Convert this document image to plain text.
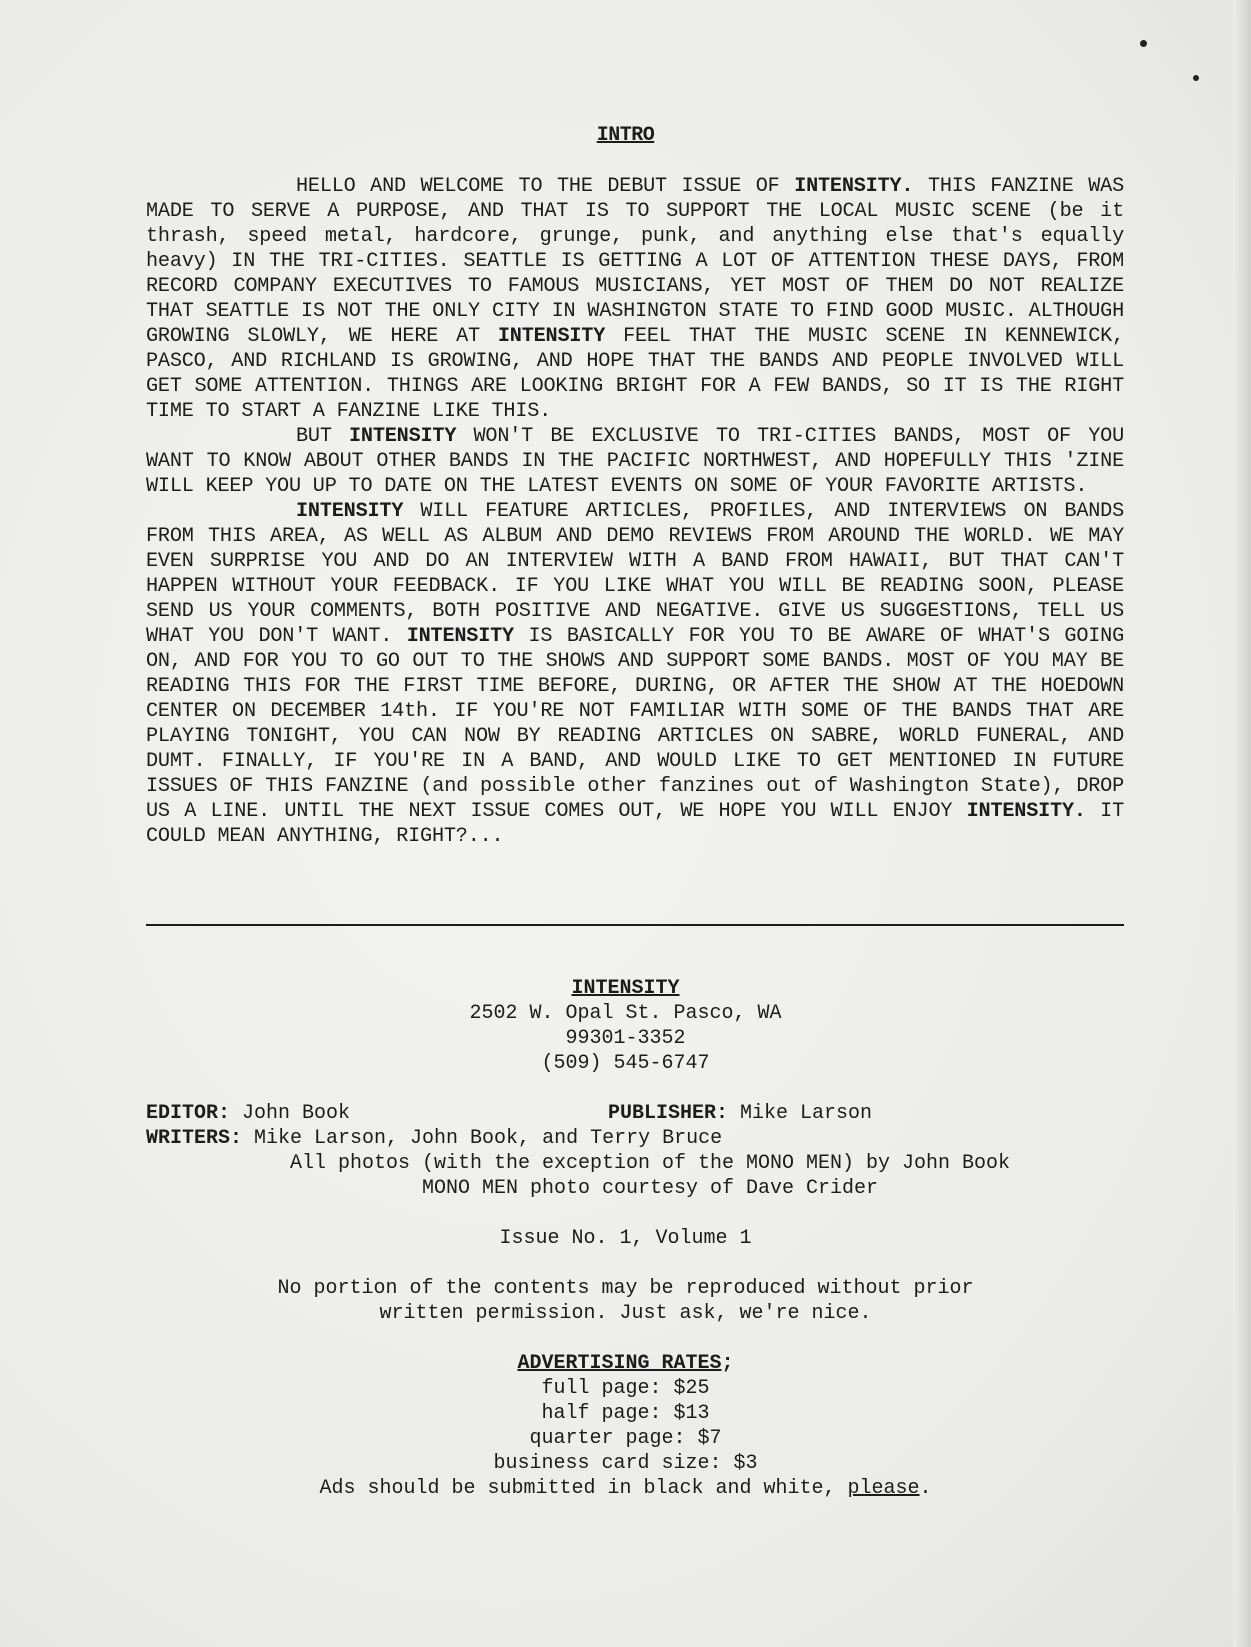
INTRO

HELLO AND WELCOME TO THE DEBUT ISSUE OF INTENSITY. THIS FANZINE WAS MADE TO SERVE A PURPOSE, AND THAT IS TO SUPPORT THE LOCAL MUSIC SCENE (be it thrash, speed metal, hardcore, grunge, punk, and anything else that's equally heavy) IN THE TRI-CITIES. SEATTLE IS GETTING A LOT OF ATTENTION THESE DAYS, FROM RECORD COMPANY EXECUTIVES TO FAMOUS MUSICIANS, YET MOST OF THEM DO NOT REALIZE THAT SEATTLE IS NOT THE ONLY CITY IN WASHINGTON STATE TO FIND GOOD MUSIC. ALTHOUGH GROWING SLOWLY, WE HERE AT INTENSITY FEEL THAT THE MUSIC SCENE IN KENNEWICK, PASCO, AND RICHLAND IS GROWING, AND HOPE THAT THE BANDS AND PEOPLE INVOLVED WILL GET SOME ATTENTION. THINGS ARE LOOKING BRIGHT FOR A FEW BANDS, SO IT IS THE RIGHT TIME TO START A FANZINE LIKE THIS.

BUT INTENSITY WON'T BE EXCLUSIVE TO TRI-CITIES BANDS, MOST OF YOU WANT TO KNOW ABOUT OTHER BANDS IN THE PACIFIC NORTHWEST, AND HOPEFULLY THIS 'ZINE WILL KEEP YOU UP TO DATE ON THE LATEST EVENTS ON SOME OF YOUR FAVORITE ARTISTS.

INTENSITY WILL FEATURE ARTICLES, PROFILES, AND INTERVIEWS ON BANDS FROM THIS AREA, AS WELL AS ALBUM AND DEMO REVIEWS FROM AROUND THE WORLD. WE MAY EVEN SURPRISE YOU AND DO AN INTERVIEW WITH A BAND FROM HAWAII, BUT THAT CAN'T HAPPEN WITHOUT YOUR FEEDBACK. IF YOU LIKE WHAT YOU WILL BE READING SOON, PLEASE SEND US YOUR COMMENTS, BOTH POSITIVE AND NEGATIVE. GIVE US SUGGESTIONS, TELL US WHAT YOU DON'T WANT. INTENSITY IS BASICALLY FOR YOU TO BE AWARE OF WHAT'S GOING ON, AND FOR YOU TO GO OUT TO THE SHOWS AND SUPPORT SOME BANDS. MOST OF YOU MAY BE READING THIS FOR THE FIRST TIME BEFORE, DURING, OR AFTER THE SHOW AT THE HOEDOWN CENTER ON DECEMBER 14th. IF YOU'RE NOT FAMILIAR WITH SOME OF THE BANDS THAT ARE PLAYING TONIGHT, YOU CAN NOW BY READING ARTICLES ON SABRE, WORLD FUNERAL, AND DUMT. FINALLY, IF YOU'RE IN A BAND, AND WOULD LIKE TO GET MENTIONED IN FUTURE ISSUES OF THIS FANZINE (and possible other fanzines out of Washington State), DROP US A LINE. UNTIL THE NEXT ISSUE COMES OUT, WE HOPE YOU WILL ENJOY INTENSITY. IT COULD MEAN ANYTHING, RIGHT?...

INTENSITY
2502 W. Opal St. Pasco, WA
99301-3352
(509) 545-6747
EDITOR: John Book	PUBLISHER: Mike Larson
WRITERS: Mike Larson, John Book, and Terry Bruce
All photos (with the exception of the MONO MEN) by John Book
MONO MEN photo courtesy of Dave Crider
Issue No. 1, Volume 1
No portion of the contents may be reproduced without prior
written permission. Just ask, we're nice.
ADVERTISING RATES;
full page: $25
half page: $13
quarter page: $7
business card size: $3
Ads should be submitted in black and white, please.
